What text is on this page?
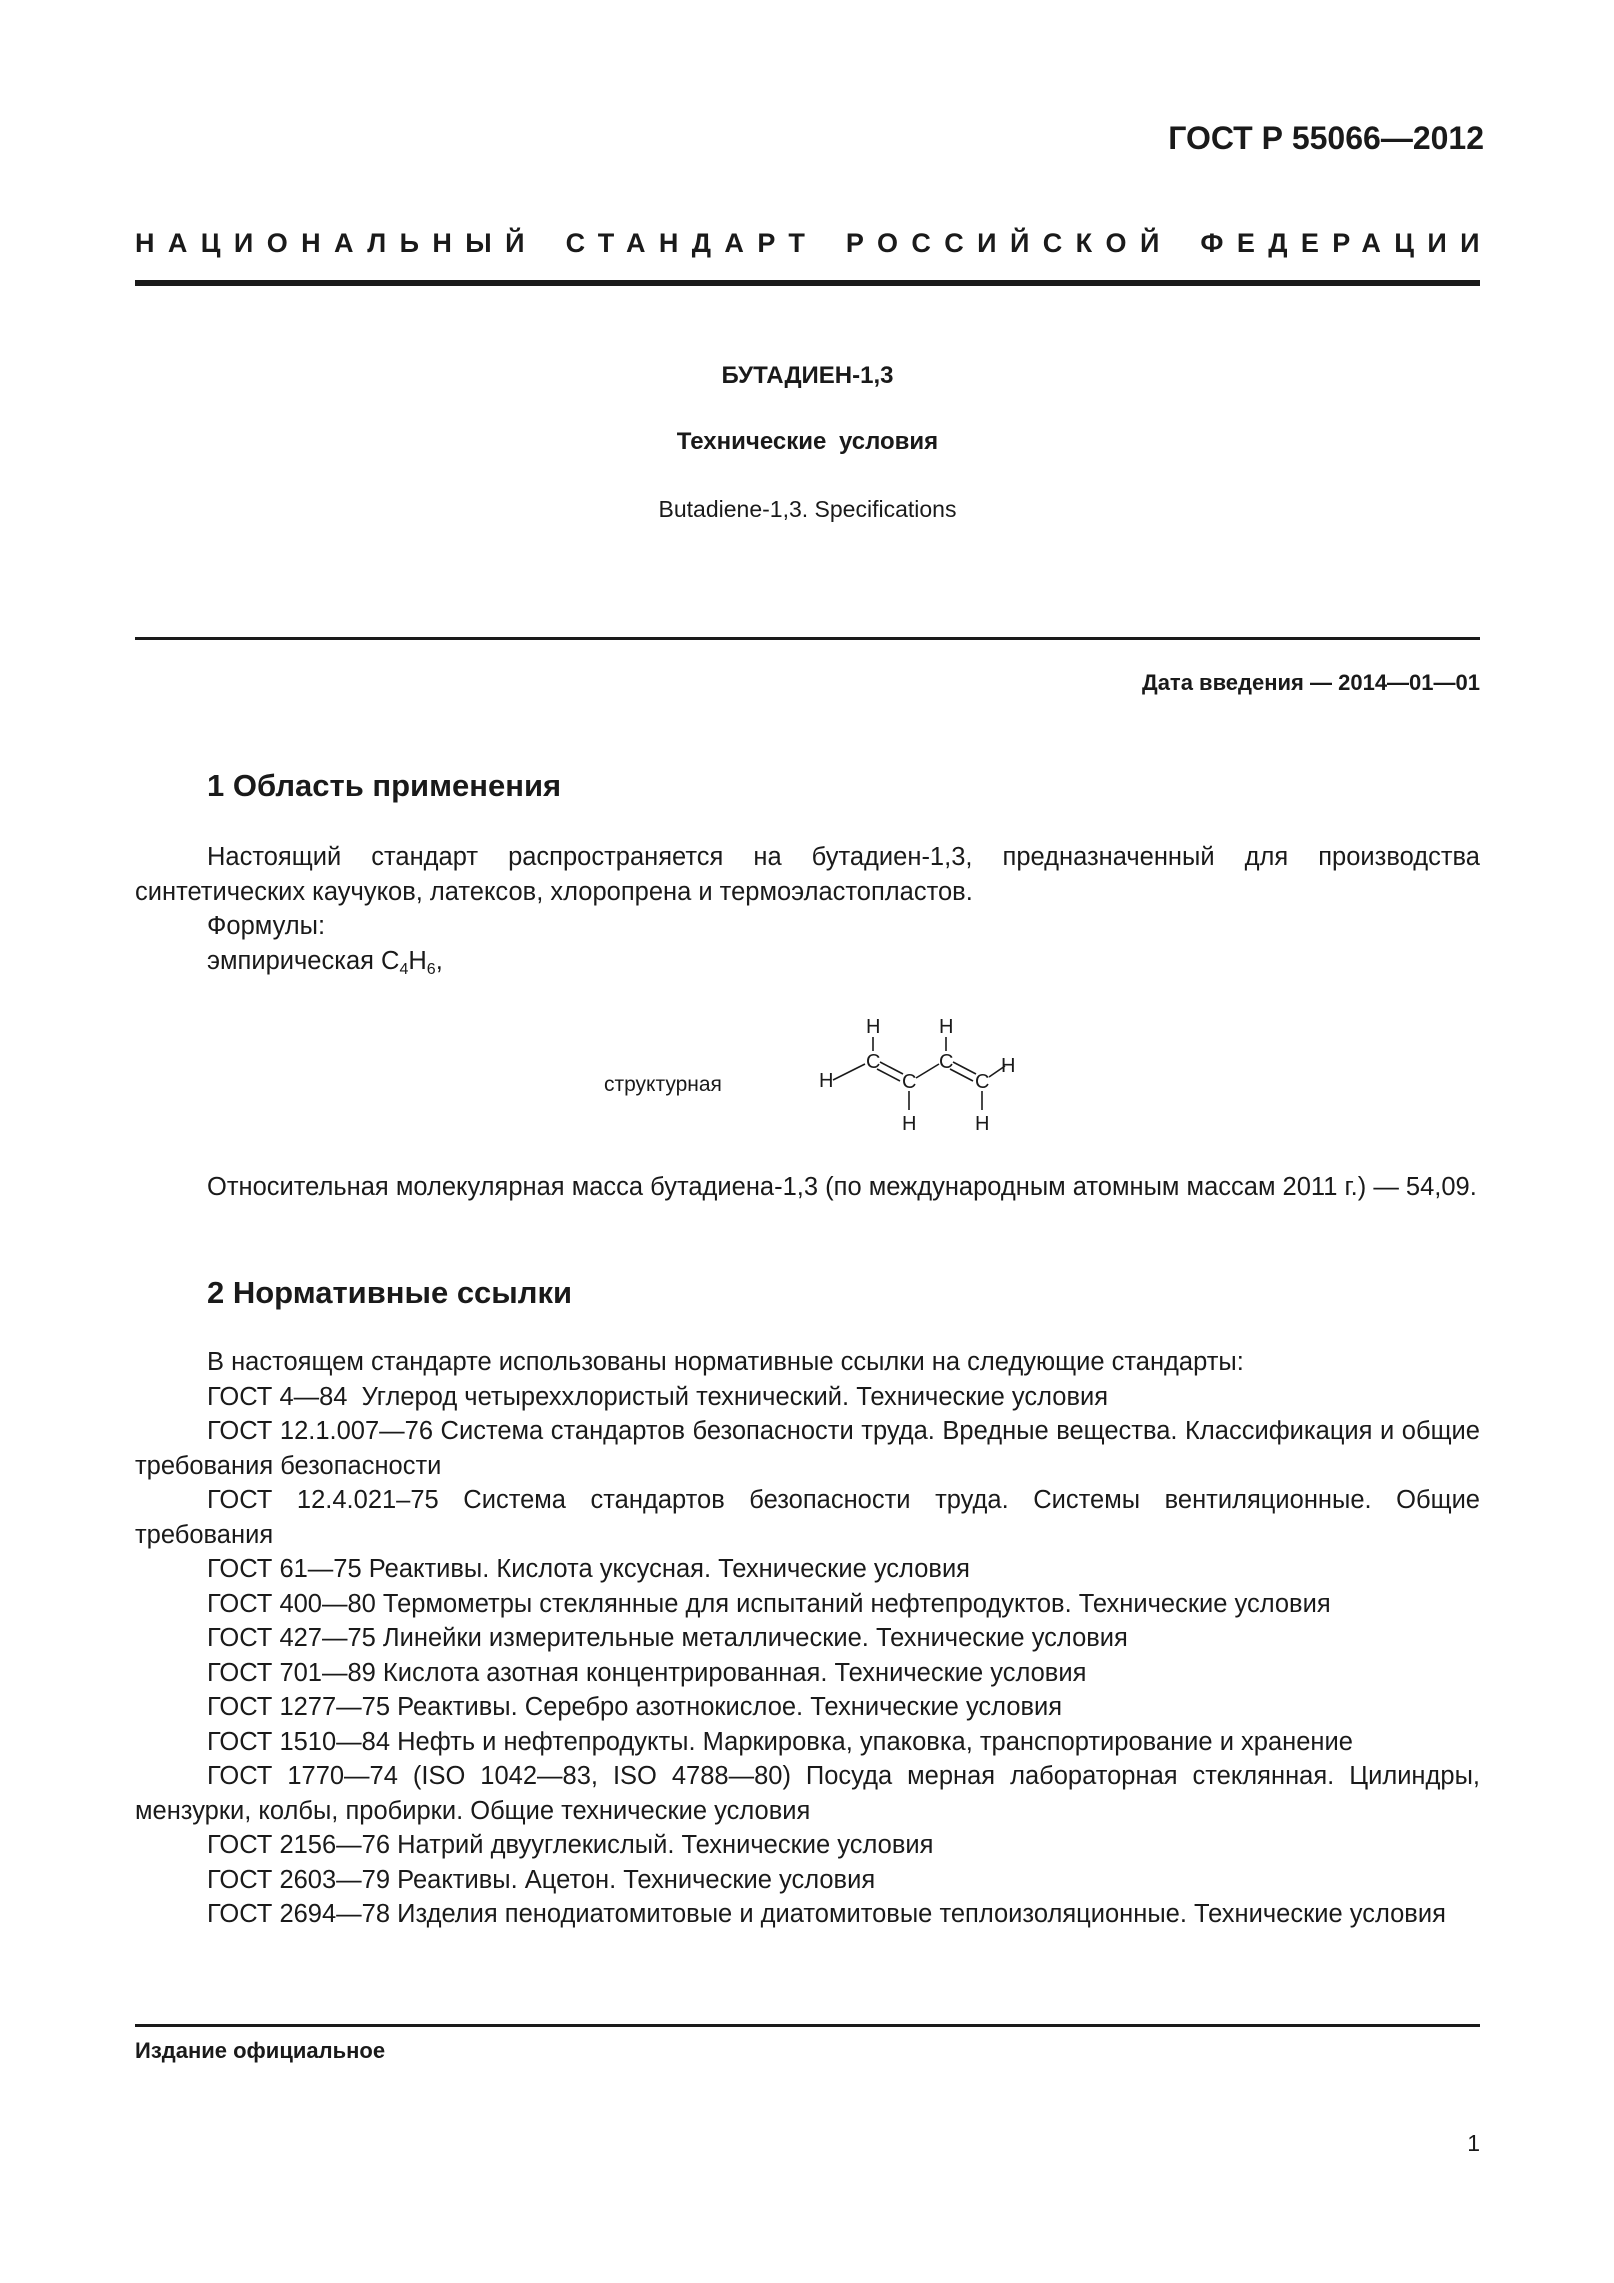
ГОСТ Р 55066—2012
НАЦИОНАЛЬНЫЙ СТАНДАРТ РОССИЙСКОЙ ФЕДЕРАЦИИ
БУТАДИЕН-1,3
Технические условия
Butadiene-1,3. Specifications
Дата введения — 2014—01—01
1 Область применения

Настоящий стандарт распространяется на бутадиен-1,3, предназначенный для производства синтетических каучуков, латексов, хлоропрена и термоэластопластов.

Формулы:

эмпирическая $C_4H_6$,

структурная
H
C
H	C
H
H
C
C
H
H

Относительная молекулярная масса бутадиена-1,3 (по международным атомным массам 2011 г.) — 54,09.

2 Нормативные ссылки

В настоящем стандарте использованы нормативные ссылки на следующие стандарты:

ГОСТ 4—84  Углерод четыреххлористый технический. Технические условия

ГОСТ 12.1.007—76 Система стандартов безопасности труда. Вредные вещества. Классификация и общие требования безопасности

ГОСТ 12.4.021–75 Система стандартов безопасности труда. Системы вентиляционные. Общие требования

ГОСТ 61—75 Реактивы. Кислота уксусная. Технические условия

ГОСТ 400—80 Термометры стеклянные для испытаний нефтепродуктов. Технические условия

ГОСТ 427—75 Линейки измерительные металлические. Технические условия

ГОСТ 701—89 Кислота азотная концентрированная. Технические условия

ГОСТ 1277—75 Реактивы. Серебро азотнокислое. Технические условия

ГОСТ 1510—84 Нефть и нефтепродукты. Маркировка, упаковка, транспортирование и хранение

ГОСТ 1770—74 (ISO 1042—83, ISO 4788—80) Посуда мерная лабораторная стеклянная. Цилиндры, мензурки, колбы, пробирки. Общие технические условия

ГОСТ 2156—76 Натрий двууглекислый. Технические условия

ГОСТ 2603—79 Реактивы. Ацетон. Технические условия

ГОСТ 2694—78 Изделия пенодиатомитовые и диатомитовые теплоизоляционные. Технические условия

Издание официальное
1
